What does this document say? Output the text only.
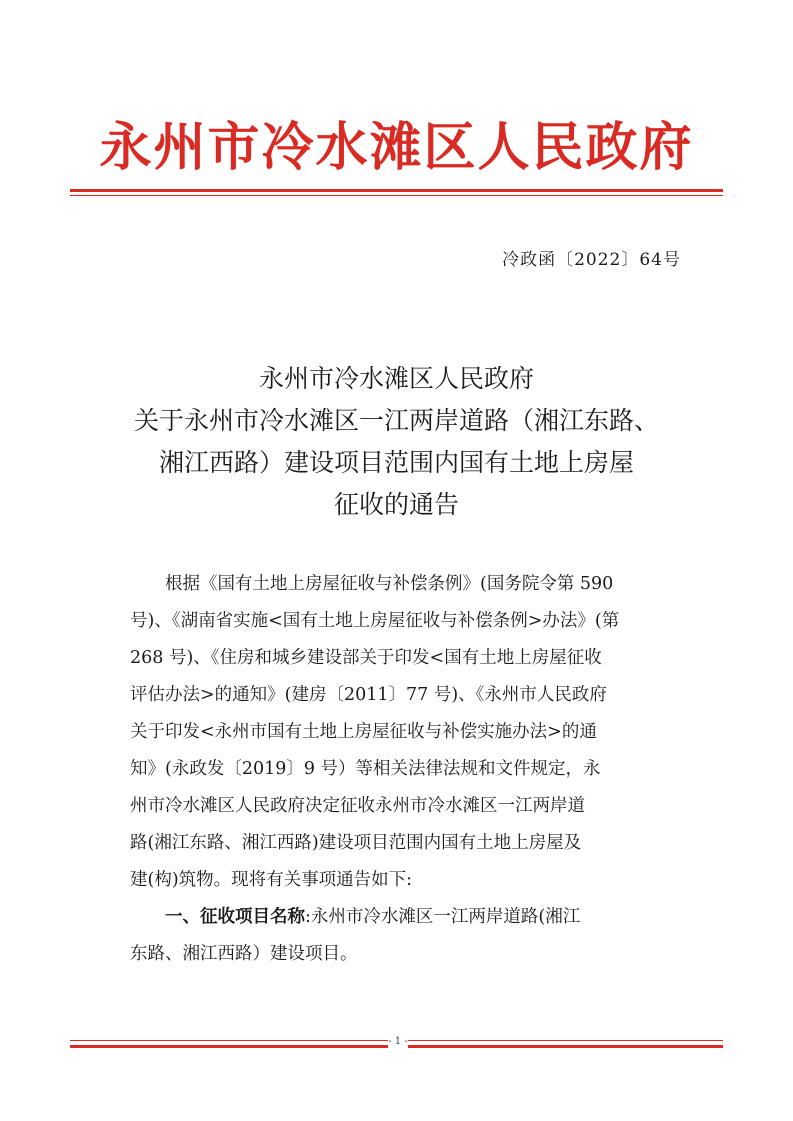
永州市冷水滩区人民政府
冷政函〔2022〕64号
永州市冷水滩区人民政府
关于永州市冷水滩区一江两岸道路（湘江东路、
湘江西路）建设项目范围内国有土地上房屋
征收的通告
根据《国有土地上房屋征收与补偿条例》(国务院令第 590
号)、《湖南省实施<国有土地上房屋征收与补偿条例>办法》(第
268 号)、《住房和城乡建设部关于印发<国有土地上房屋征收
评估办法>的通知》(建房〔2011〕77 号)、《永州市人民政府
关于印发<永州市国有土地上房屋征收与补偿实施办法>的通
知》(永政发〔2019〕9 号）等相关法律法规和文件规定，永
州市冷水滩区人民政府决定征收永州市冷水滩区一江两岸道
路(湘江东路、湘江西路)建设项目范围内国有土地上房屋及
建(构)筑物。现将有关事项通告如下:
一、征收项目名称:永州市冷水滩区一江两岸道路(湘江
东路、湘江西路）建设项目。
- 1 -
